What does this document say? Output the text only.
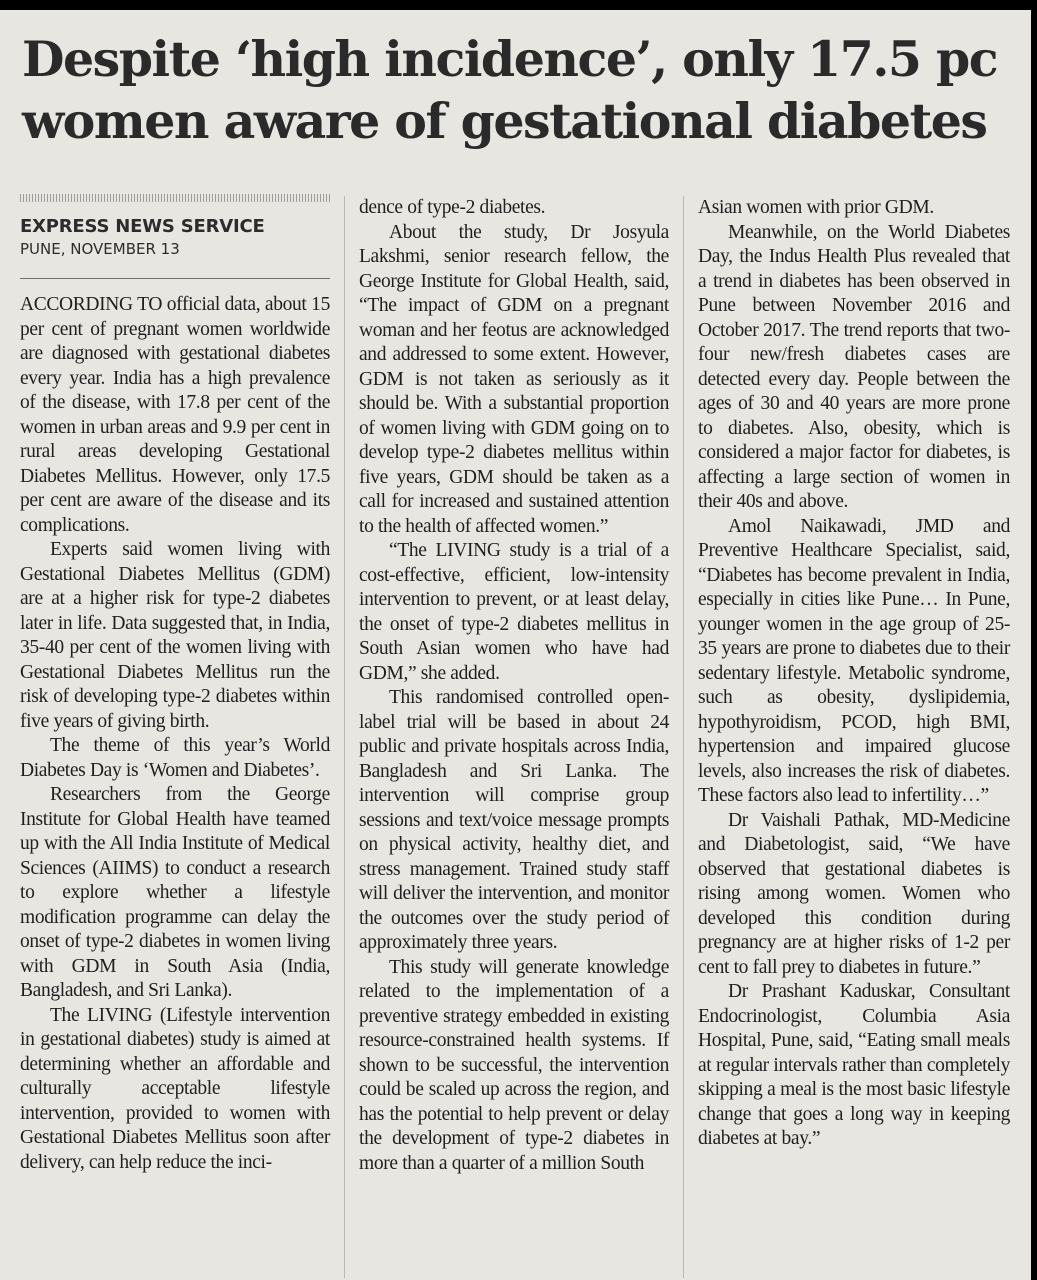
Despite ‘high incidence’, only 17.5 pc
women aware of gestational diabetes
EXPRESS NEWS SERVICE
PUNE, NOVEMBER 13

ACCORDING TO official data, about 15 per cent of pregnant women worldwide are diagnosed with gestational diabetes every year. India has a high prevalence of the disease, with 17.8 per cent of the women in urban areas and 9.9 per cent in rural areas developing Gestational Diabetes Mellitus. However, only 17.5 per cent are aware of the disease and its complications.

Experts said women living with Gestational Diabetes Mellitus (GDM) are at a higher risk for type-2 diabetes later in life. Data suggested that, in India, 35-40 per cent of the women living with Gestational Diabetes Mellitus run the risk of developing type-2 diabetes within five years of giving birth.

The theme of this year’s World Diabetes Day is ‘Women and Diabetes’.

Researchers from the George Institute for Global Health have teamed up with the All India Institute of Medical Sciences (AIIMS) to conduct a research to explore whether a lifestyle modification programme can delay the onset of type-2 diabetes in women living with GDM in South Asia (India, Bangladesh, and Sri Lanka).

The LIVING (Lifestyle intervention in gestational diabetes) study is aimed at determining whether an affordable and culturally acceptable lifestyle intervention, provided to women with Gestational Diabetes Mellitus soon after delivery, can help reduce the inci-

dence of type-2 diabetes.

About the study, Dr Josyula Lakshmi, senior research fellow, the George Institute for Global Health, said, “The impact of GDM on a pregnant woman and her feotus are acknowledged and addressed to some extent. However, GDM is not taken as seriously as it should be. With a substantial proportion of women living with GDM going on to develop type-2 diabetes mellitus within five years, GDM should be taken as a call for increased and sustained attention to the health of affected women.”

“The LIVING study is a trial of a cost-effective, efficient, low-intensity intervention to prevent, or at least delay, the onset of type-2 diabetes mellitus in South Asian women who have had GDM,” she added.

This randomised controlled open-label trial will be based in about 24 public and private hospitals across India, Bangladesh and Sri Lanka. The intervention will comprise group sessions and text/voice message prompts on physical activity, healthy diet, and stress management. Trained study staff will deliver the intervention, and monitor the outcomes over the study period of approximately three years.

This study will generate knowledge related to the implementation of a preventive strategy embedded in existing resource-constrained health systems. If shown to be successful, the intervention could be scaled up across the region, and has the potential to help prevent or delay the development of type-2 diabetes in more than a quarter of a million South

Asian women with prior GDM.

Meanwhile, on the World Diabetes Day, the Indus Health Plus revealed that a trend in diabetes has been observed in Pune between November 2016 and October 2017. The trend reports that two-four new/fresh diabetes cases are detected every day. People between the ages of 30 and 40 years are more prone to diabetes. Also, obesity, which is considered a major factor for diabetes, is affecting a large section of women in their 40s and above.

Amol Naikawadi, JMD and Preventive Healthcare Specialist, said, “Diabetes has become prevalent in India, especially in cities like Pune… In Pune, younger women in the age group of 25-35 years are prone to diabetes due to their sedentary lifestyle. Metabolic syndrome, such as obesity, dyslipidemia, hypothyroidism, PCOD, high BMI, hypertension and impaired glucose levels, also increases the risk of diabetes. These factors also lead to infertility…”

Dr Vaishali Pathak, MD-Medicine and Diabetologist, said, “We have observed that gestational diabetes is rising among women. Women who developed this condition during pregnancy are at higher risks of 1-2 per cent to fall prey to diabetes in future.”

Dr Prashant Kaduskar, Consultant Endocrinologist, Columbia Asia Hospital, Pune, said, “Eating small meals at regular intervals rather than completely skipping a meal is the most basic lifestyle change that goes a long way in keeping diabetes at bay.”
